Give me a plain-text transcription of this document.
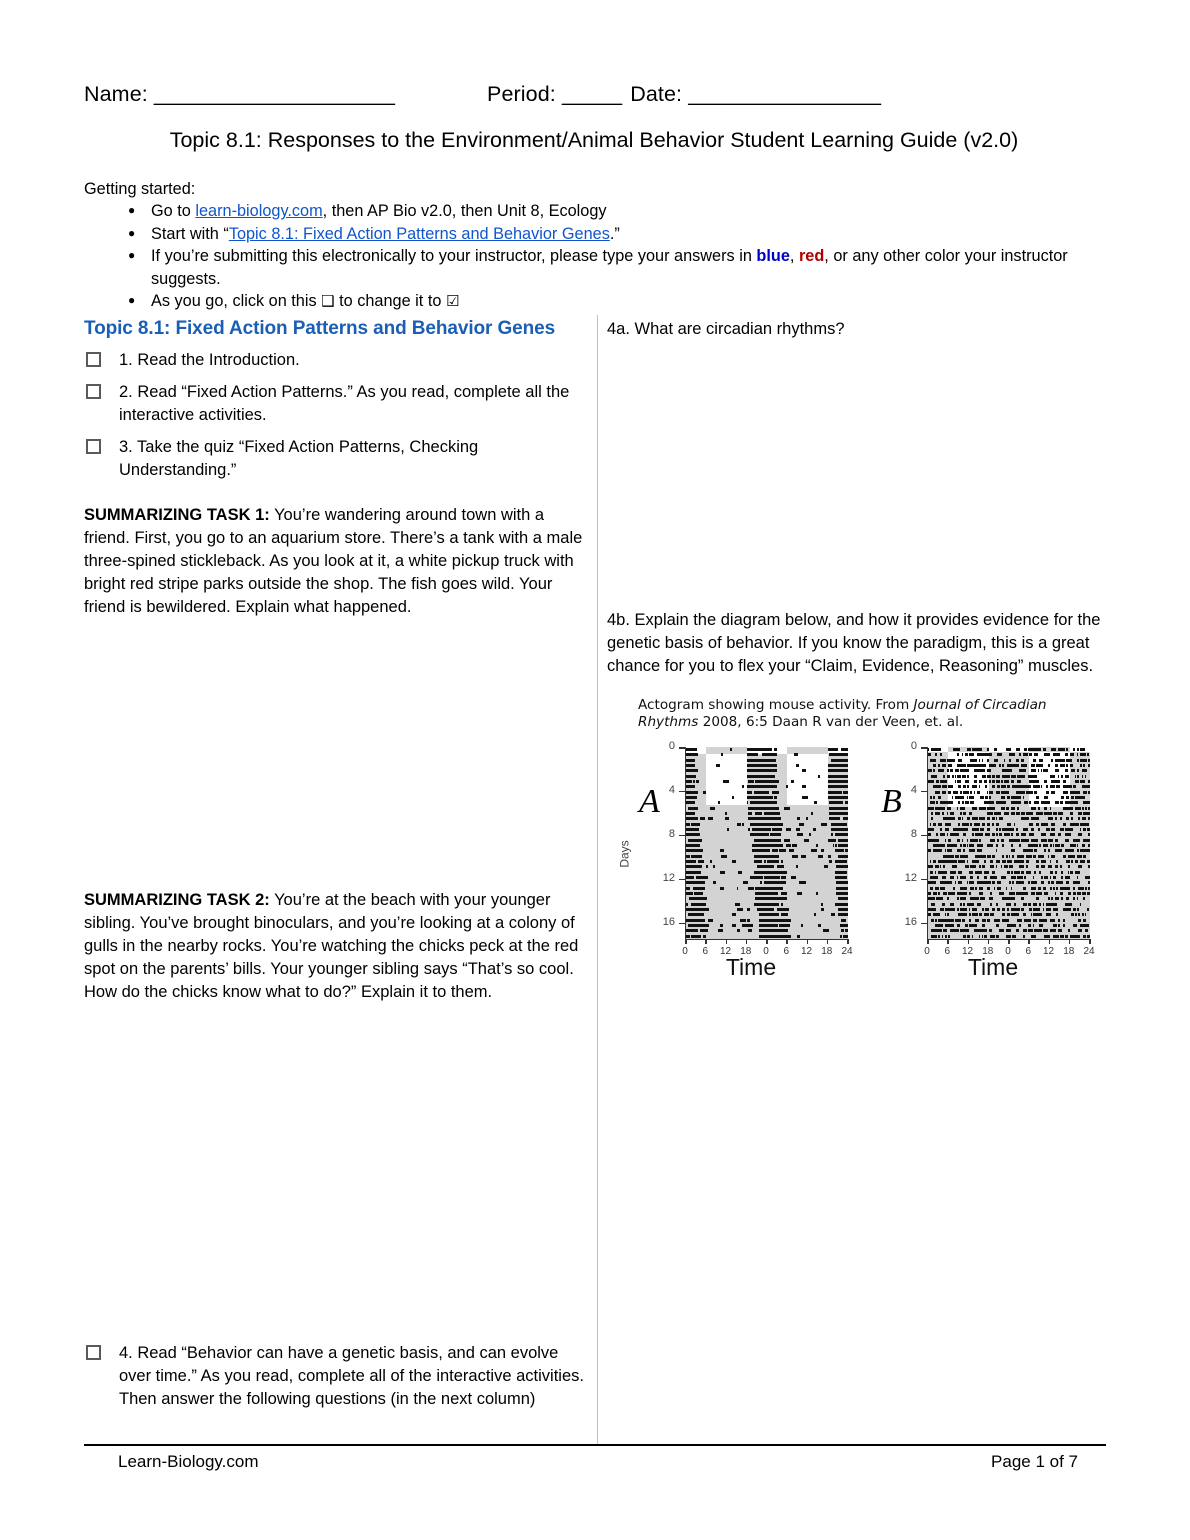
Name: ____________________	Period: _____ Date: ________________
Topic 8.1: Responses to the Environment/Animal Behavior Student Learning Guide (v2.0)
Getting started:
● Go to learn-biology.com, then AP Bio v2.0, then Unit 8, Ecology
● Start with “Topic 8.1: Fixed Action Patterns and Behavior Genes.”
● If you’re submitting this electronically to your instructor, please type your answers in blue, red, or any other color your instructor suggests.
● As you go, click on this ❑ to change it to ☑
Topic 8.1: Fixed Action Patterns and Behavior Genes
1. Read the Introduction.
2. Read “Fixed Action Patterns.” As you read, complete all the interactive activities.
3. Take the quiz “Fixed Action Patterns, Checking Understanding.”

SUMMARIZING TASK 1: You’re wandering around town with a friend. First, you go to an aquarium store. There’s a tank with a male three-spined stickleback. As you look at it, a white pickup truck with bright red stripe parks outside the shop. The fish goes wild. Your friend is bewildered. Explain what happened.

SUMMARIZING TASK 2: You’re at the beach with your younger sibling. You’ve brought binoculars, and you’re looking at a colony of gulls in the nearby rocks. You’re watching the chicks peck at the red spot on the parents’ bills. Your younger sibling says “That’s so cool. How do the chicks know what to do?” Explain it to them.

4. Read “Behavior can have a genetic basis, and can evolve over time.” As you read, complete all of the interactive activities. Then answer the following questions (in the next column)

4a. What are circadian rhythms?

4b. Explain the diagram below, and how it provides evidence for the genetic basis of behavior. If you know the paradigm, this is a great chance for you to flex your “Claim, Evidence, Reasoning” muscles.

Actogram showing mouse activity. From Journal of Circadian Rhythms 2008, 6:5 Daan R van der Veen, et. al.
Days
A
0
4
8
12
16
0	6	12 18	0	6	12 18 24
Time
B
0
4
8
12
16
0	6	12 18	0	6	12 18 24
Time
Learn-Biology.com	Page 1 of 7
